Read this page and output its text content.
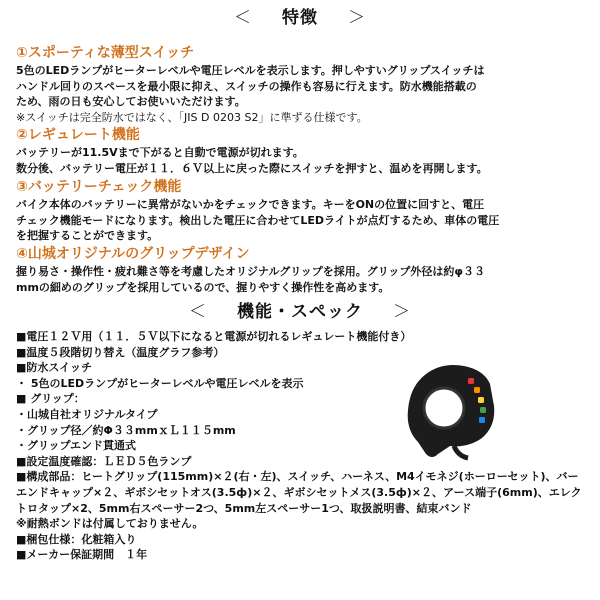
＜ 特徴 ＞
①スポーティな薄型スイッチ
5色のLEDランプがヒーターレベルや電圧レベルを表示します。押しやすいグリップスイッチは
ハンドル回りのスペースを最小限に抑え、スイッチの操作も容易に行えます。防水機能搭載の
ため、雨の日も安心してお使いいただけます。
※スイッチは完全防水ではなく、「JIS D 0203 S2」に準ずる仕様です。
②レギュレート機能
バッテリーが11.5Vまで下がると自動で電源が切れます。
数分後、バッテリー電圧が１１．６Ｖ以上に戻った際にスイッチを押すと、温めを再開します。
③バッテリーチェック機能
バイク本体のバッテリーに異常がないかをチェックできます。キーをONの位置に回すと、電圧
チェック機能モードになります。検出した電圧に合わせてLEDライトが点灯するため、車体の電圧
を把握することができます。
④山城オリジナルのグリップデザイン
握り易さ・操作性・疲れ難さ等を考慮したオリジナルグリップを採用。グリップ外径は約φ３３
mmの細めのグリップを採用しているので、握りやすく操作性を高めます。
＜ 機能・スペック ＞
■電圧１２Ｖ用（１１．５Ｖ以下になると電源が切れるレギュレート機能付き）
■温度５段階切り替え（温度グラフ参考）
■防水スイッチ
・ 5色のLEDランプがヒーターレベルや電圧レベルを表示
■ グリップ：
・山城自社オリジナルタイプ
・グリップ径／約Φ３３mmｘＬ１１５mm
・グリップエンド貫通式
■設定温度確認：ＬＥＤ５色ランプ
■構成部品：ヒートグリップ(115mm)×２(右・左)、スイッチ、ハーネス、M4イモネジ(ホーローセット)、バーエンドキャップ×２、ギボシセットオス(3.5ф)×２、ギボシセットメス(3.5ф)×２、アース端子(6mm)、エレクトロタップ×2、5mm右スペーサー2つ、5mm左スペーサー1つ、取扱説明書、結束バンド
※耐熱ボンドは付属しておりません。
■梱包仕様：化粧箱入り
■メーカー保証期間　１年
